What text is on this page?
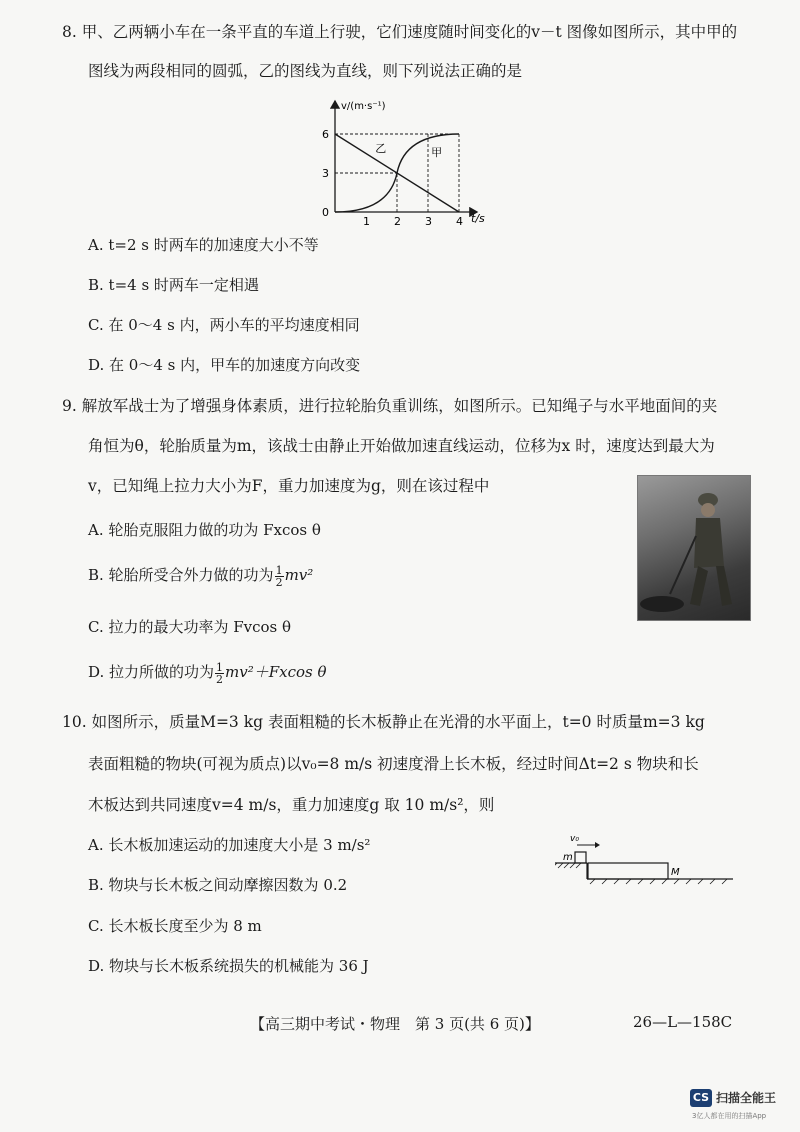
8. 甲、乙两辆小车在一条平直的车道上行驶，它们速度随时间变化的v－t 图像如图所示，其中甲的
图线为两段相同的圆弧，乙的图线为直线，则下列说法正确的是
1 2 3 4
0
3
6
v/(m·s⁻¹)
t/s
乙	甲
A. t=2 s 时两车的加速度大小不等
B. t=4 s 时两车一定相遇
C. 在 0～4 s 内，两小车的平均速度相同
D. 在 0～4 s 内，甲车的加速度方向改变
9. 解放军战士为了增强身体素质，进行拉轮胎负重训练，如图所示。已知绳子与水平地面间的夹
角恒为θ，轮胎质量为m，该战士由静止开始做加速直线运动，位移为x 时，速度达到最大为
v，已知绳上拉力大小为F，重力加速度为g，则在该过程中
A. 轮胎克服阻力做的功为 Fxcos θ
B. 轮胎所受合外力做的功为 $\frac{1}{2} mv^2$
C. 拉力的最大功率为 Fvcos θ
D. 拉力所做的功为 $\frac{1}{2} mv^2+Fxcos$ θ
10. 如图所示，质量M=3 kg 表面粗糙的长木板静止在光滑的水平面上，t=0 时质量m=3 kg
表面粗糙的物块(可视为质点)以v₀=8 m/s 初速度滑上长木板，经过时间Δt=2 s 物块和长
木板达到共同速度v=4 m/s，重力加速度g 取 10 m/s²，则
A. 长木板加速运动的加速度大小是 3 m/s²
B. 物块与长木板之间动摩擦因数为 0.2
C. 长木板长度至少为 8 m
D. 物块与长木板系统损失的机械能为 36 J
v₀
m
M
【高三期中考试・物理　第 3 页(共 6 页)】	26—L—158C
CS 扫描全能王
3亿人都在用的扫描App
